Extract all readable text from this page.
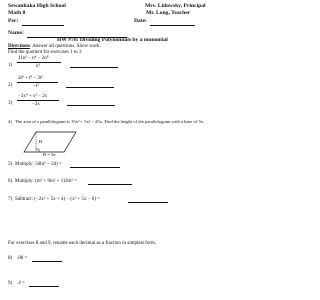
Sewanhaka High School	Mrs. Lidowsky, Principal
Math 8	Mr. Long, Teacher
Per:	Date:
Name:
HW #78: Dividing Polynomials by a monomial
Directions: Answer all questions. Show work.
Find the quotient for exercises 1 to 3
1)
11n³ − n⁴ − 2n⁸
n³
2)
2t⁸ + t⁴ − 3t⁵
−t³
3)
−3x⁴ + x² − 2x
−2x
4) The area of a parallelogram is 35x³ + 5x² − 25x. Find the height of the parallelogram with a base of 5x.
H
B = 5x
5) Multiply: 5db(² − 2d) =
6) Multiply: (m² + 9m² + 1)3m² =
7) Subtract: (−2x² + 5x + 4) − (x² + 5x − 6) =
For exercises 8 and 9, rename each decimal as a fraction in simplest form.
8) .88 =
9) .4 =
